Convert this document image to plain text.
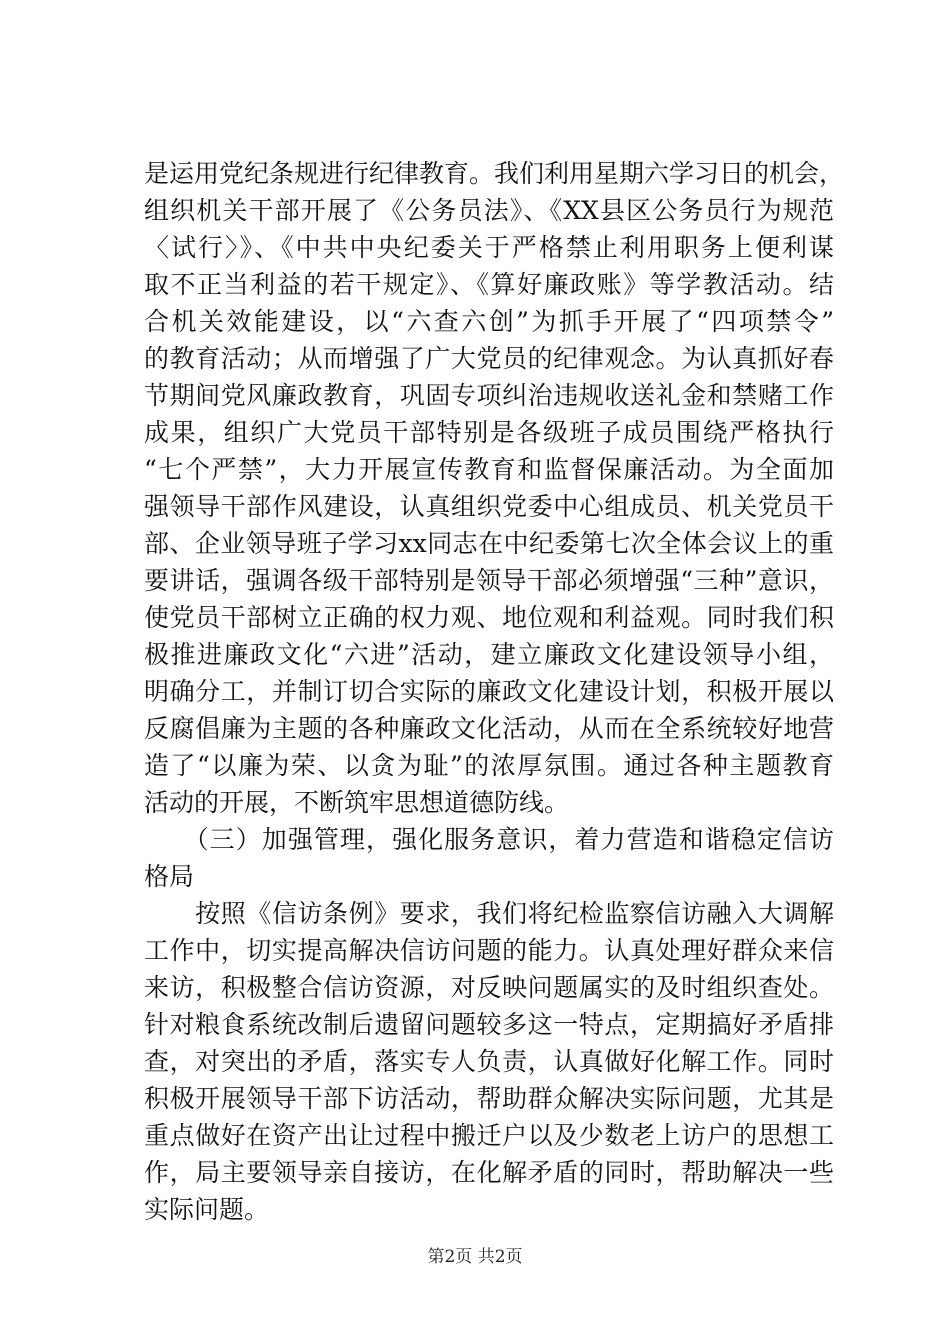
是运用党纪条规进行纪律教育。我们利用星期六学习日的机会，
组织机关干部开展了《公务员法》、《XX县区公务员行为规范
〈试行〉》、《中共中央纪委关于严格禁止利用职务上便利谋
取不正当利益的若干规定》、《算好廉政账》等学教活动。结
合机关效能建设，以“六查六创”为抓手开展了“四项禁令”
的教育活动；从而增强了广大党员的纪律观念。为认真抓好春
节期间党风廉政教育，巩固专项纠治违规收送礼金和禁赌工作
成果，组织广大党员干部特别是各级班子成员围绕严格执行
“七个严禁”，大力开展宣传教育和监督保廉活动。为全面加
强领导干部作风建设，认真组织党委中心组成员、机关党员干
部、企业领导班子学习xx同志在中纪委第七次全体会议上的重
要讲话，强调各级干部特别是领导干部必须增强“三种”意识，
使党员干部树立正确的权力观、地位观和利益观。同时我们积
极推进廉政文化“六进”活动，建立廉政文化建设领导小组，
明确分工，并制订切合实际的廉政文化建设计划，积极开展以
反腐倡廉为主题的各种廉政文化活动，从而在全系统较好地营
造了“以廉为荣、以贪为耻”的浓厚氛围。通过各种主题教育
活动的开展，不断筑牢思想道德防线。
　　（三）加强管理，强化服务意识，着力营造和谐稳定信访
格局
　　按照《信访条例》要求，我们将纪检监察信访融入大调解
工作中，切实提高解决信访问题的能力。认真处理好群众来信
来访，积极整合信访资源，对反映问题属实的及时组织查处。
针对粮食系统改制后遗留问题较多这一特点，定期搞好矛盾排
查，对突出的矛盾，落实专人负责，认真做好化解工作。同时
积极开展领导干部下访活动，帮助群众解决实际问题，尤其是
重点做好在资产出让过程中搬迁户以及少数老上访户的思想工
作，局主要领导亲自接访，在化解矛盾的同时，帮助解决一些
实际问题。
第2页 共2页
